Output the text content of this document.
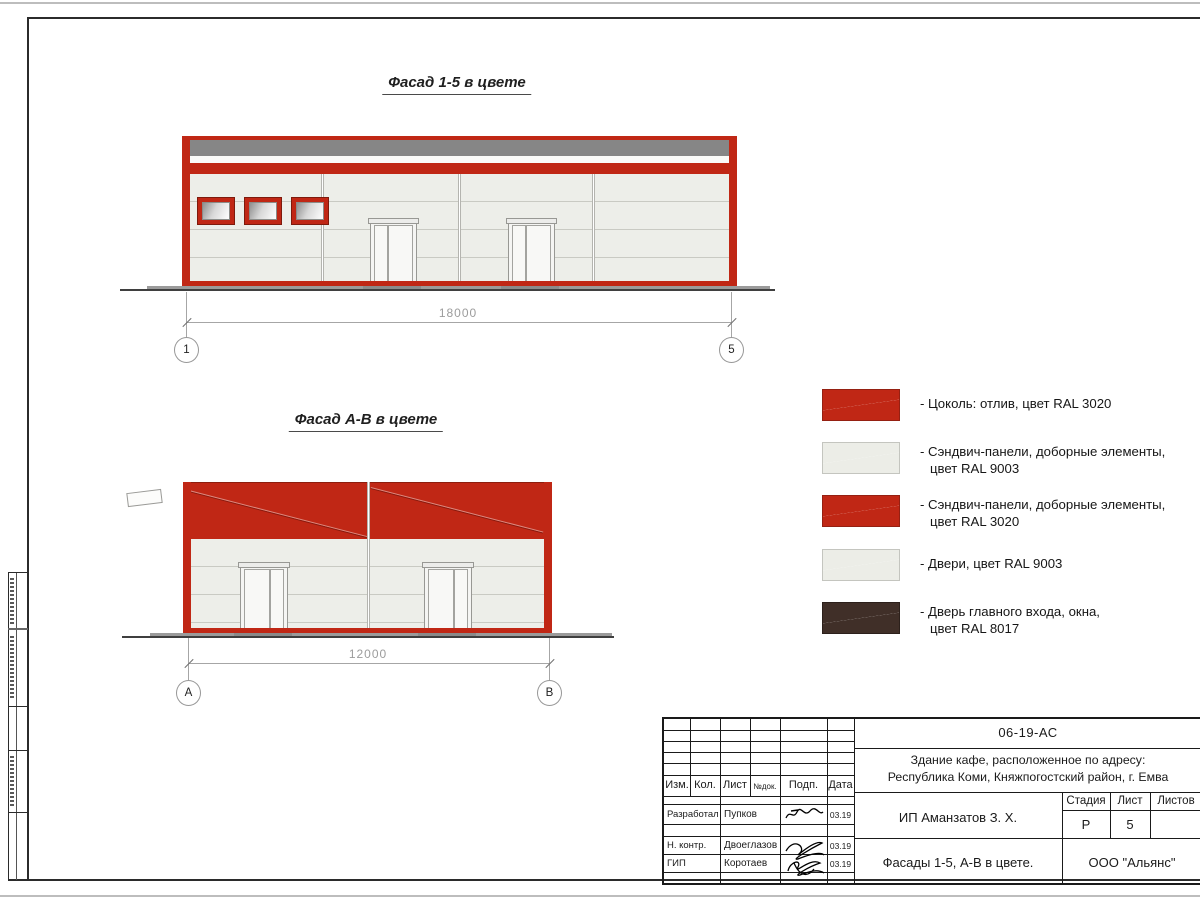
Фасад 1-5 в цвете
18000
1	5
Фасад А-В в цвете
12000
А	В
- Цоколь: отлив, цвет RAL 3020
- Сэндвич-панели, доборные элементы,
цвет RAL 9003
- Сэндвич-панели, доборные элементы,
цвет RAL 3020
- Двери, цвет RAL 9003
- Дверь главного входа, окна,
цвет RAL 8017
06-19-АС
Здание кафе, расположенное по адресу:
Республика Коми, Княжпогостский район, г. Емва
Изм. Кол. Лист №док.	Подп. Дата
Разработал Пупков	03.19
Н. контр. Двоеглазов	03.19
ГИП	Коротаев	03.19
ИП Аманзатов З. Х.
Стадия	Лист	Листов
Р	5
Фасады 1-5, А-В в цвете.	ООО "Альянс"
